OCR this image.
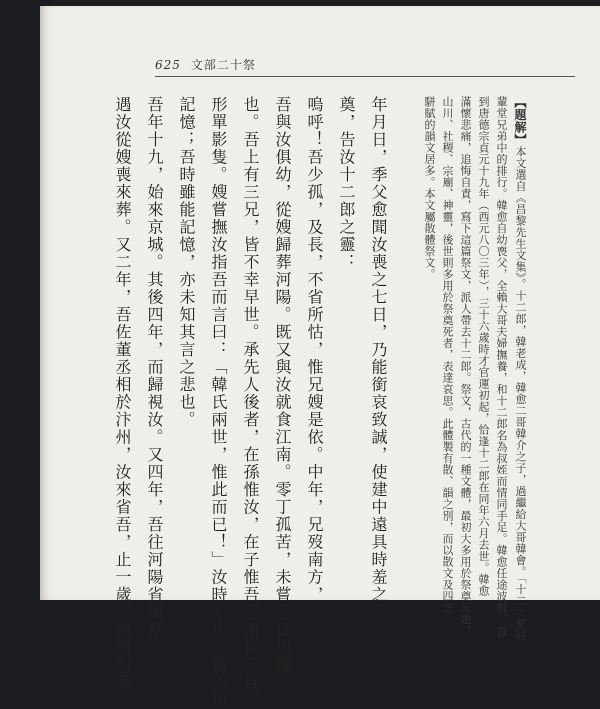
625 文部二十祭
【題解】本文選自《昌黎先生文集》。十二郎，韓老成，韓愈二哥韓介之子，過繼給大哥韓會。「十二」是同
輩堂兄弟中的排行。韓愈自幼喪父，全賴大哥夫婦撫養，和十二郎名為叔姪而情同手足。韓愈任途波折，直
到唐德宗貞元十九年（西元八〇三年），三十六歲時才官運初起，恰逢十二郎在同年六月去世。韓愈
滿懷悲痛，追悔自責，寫下這篇祭文，派人帶去十二郎。祭文，古代的一種文體，最初大多用於祭奠天地、
山川、社稷、宗廟、神靈，後世則多用於祭奠死者，表達哀思。此體製有散、韻之別，而以散文及四言
駢賦的韻文居多。本文屬散體祭文。
年月日，季父愈聞汝喪之七日，乃能銜哀致誠，使建中遠具時羞之
奠，告汝十二郎之靈：
嗚呼！吾少孤，及長，不省所怙，惟兄嫂是依。中年，兄歿南方，
吾與汝俱幼，從嫂歸葬河陽。既又與汝就食江南。零丁孤苦，未嘗一日相離
也。吾上有三兄，皆不幸早世。承先人後者，在孫惟汝，在子惟吾，兩世一身，
形單影隻。嫂嘗撫汝指吾而言曰：「韓氏兩世，惟此而已！」汝時尤小，當不復
記憶；吾時雖能記憶，亦未知其言之悲也。
吾年十九，始來京城。其後四年，而歸視汝。又四年，吾往河陽省墳墓，
遇汝從嫂喪來葬。又二年，吾佐董丞相於汴州，汝來省吾，止一歲，請歸取其
